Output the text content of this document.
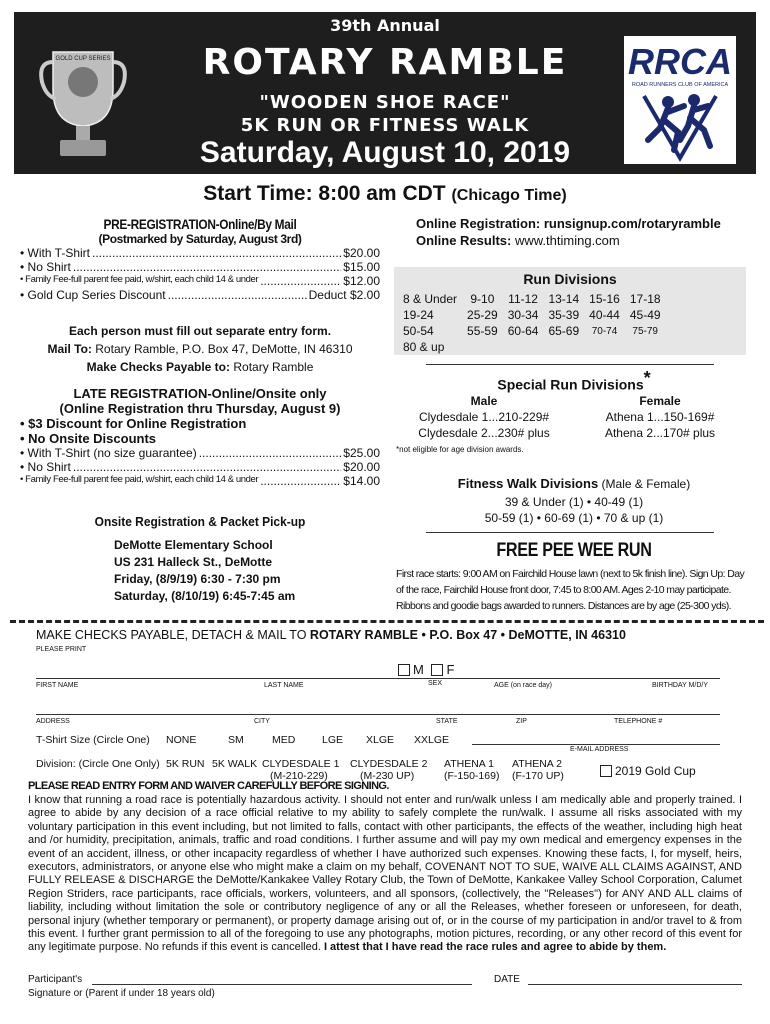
39th Annual
ROTARY RAMBLE
"WOODEN SHOE RACE"
5K RUN OR FITNESS WALK
Saturday, August 10, 2019
GOLD CUP SERIES	RRCA
ROAD RUNNERS CLUB OF AMERICA
Start Time: 8:00 am CDT (Chicago Time)
PRE-REGISTRATION-Online/By Mail
(Postmarked by Saturday, August 3rd)
• With T-Shirt .....	$20.00
• No Shirt .....	$15.00
• Family Fee-full parent fee paid, w/shirt, each child 14 & under .....	$12.00
• Gold Cup Series Discount .....	Deduct $2.00
Each person must fill out separate entry form.
Mail To: Rotary Ramble, P.O. Box 47, DeMotte, IN 46310
Make Checks Payable to: Rotary Ramble
LATE REGISTRATION-Online/Onsite only
(Online Registration thru Thursday, August 9)
• $3 Discount for Online Registration
• No Onsite Discounts
• With T-Shirt (no size guarantee) .....	$25.00
• No Shirt .....	$20.00
• Family Fee-full parent fee paid, w/shirt, each child 14 & under .....	$14.00
Onsite Registration & Packet Pick-up
DeMotte Elementary School
US 231 Halleck St., DeMotte
Friday, (8/9/19) 6:30 - 7:30 pm
Saturday, (8/10/19) 6:45-7:45 am
Online Registration: runsignup.com/rotaryramble
Online Results: www.thtiming.com
Run Divisions
8 & Under	9-10	11-12	13-14	15-16	17-18
19-24	25-29	30-34	35-39	40-44	45-49
50-54	55-59	60-64	65-69	70-74	75-79
80 & up					
Special Run Divisions*
Male
Clydesdale 1...210-229#
Clydesdale 2...230# plus
Female
Athena 1...150-169#
Athena 2...170# plus
*not eligible for age division awards.
Fitness Walk Divisions (Male & Female)
39 & Under (1) • 40-49 (1)
50-59 (1) • 60-69 (1) • 70 & up (1)
FREE PEE WEE RUN
First race starts: 9:00 AM on Fairchild House lawn (next to 5k finish line). Sign Up: Day of the race, Fairchild House front door, 7:45 to 8:00 AM. Ages 2-10 may participate. Ribbons and goodie bags awarded to runners. Distances are by age (25-300 yds).
MAKE CHECKS PAYABLE, DETACH & MAIL TO ROTARY RAMBLE • P.O. Box 47 • DeMOTTE, IN 46310
PLEASE PRINT
M F
FIRST NAME	LAST NAME	SEX	AGE (on race day)	BIRTHDAY M/D/Y
ADDRESS	CITY	STATE	ZIP	TELEPHONE #
T-Shirt Size (Circle One)
E-MAIL ADDRESS
Division: (Circle One Only)	2019 Gold Cup
PLEASE READ ENTRY FORM AND WAIVER CAREFULLY BEFORE SIGNING.
I know that running a road race is potentially hazardous activity. I should not enter and run/walk unless I am medically able and properly trained. I agree to abide by any decision of a race official relative to my ability to safely complete the run/walk. I assume all risks associated with my voluntary participation in this event including, but not limited to falls, contact with other participants, the effects of the weather, including high heat and /or humidity, precipitation, animals, traffic and road conditions. I further assume and will pay my own medical and emergency expenses in the event of an accident, illness, or other incapacity regardless of whether I have authorized such expenses. Knowing these facts, I, for myself, heirs, executors, administrators, or anyone else who might make a claim on my behalf, COVENANT NOT TO SUE, WAIVE ALL CLAIMS AGAINST, AND FULLY RELEASE & DISCHARGE the DeMotte/Kankakee Valley Rotary Club, the Town of DeMotte, Kankakee Valley School Corporation, Calumet Region Striders, race participants, race officials, workers, volunteers, and all sponsors, (collectively, the "Releases") for ANY AND ALL claims of liability, including without limitation the sole or contributory negligence of any or all the Releases, whether foreseen or unforeseen, for death, personal injury (whether temporary or permanent), or property damage arising out of, or in the course of my participation in and/or travel to & from this event. I further grant permission to all of the foregoing to use any photographs, motion pictures, recording, or any other record of this event for any legitimate purpose. No refunds if this event is cancelled. I attest that I have read the race rules and agree to abide by them.
Participant's	DATE
Signature or (Parent if under 18 years old)
NONE	SM	MED	LGE XLGE XXLGE
5K RUN 5K WALK CLYDESDALE 1 CLYDESDALE 2 ATHENA 1 ATHENA 2
(M-210-229)	(M-230 UP)	(F-150-169) (F-170 UP)
